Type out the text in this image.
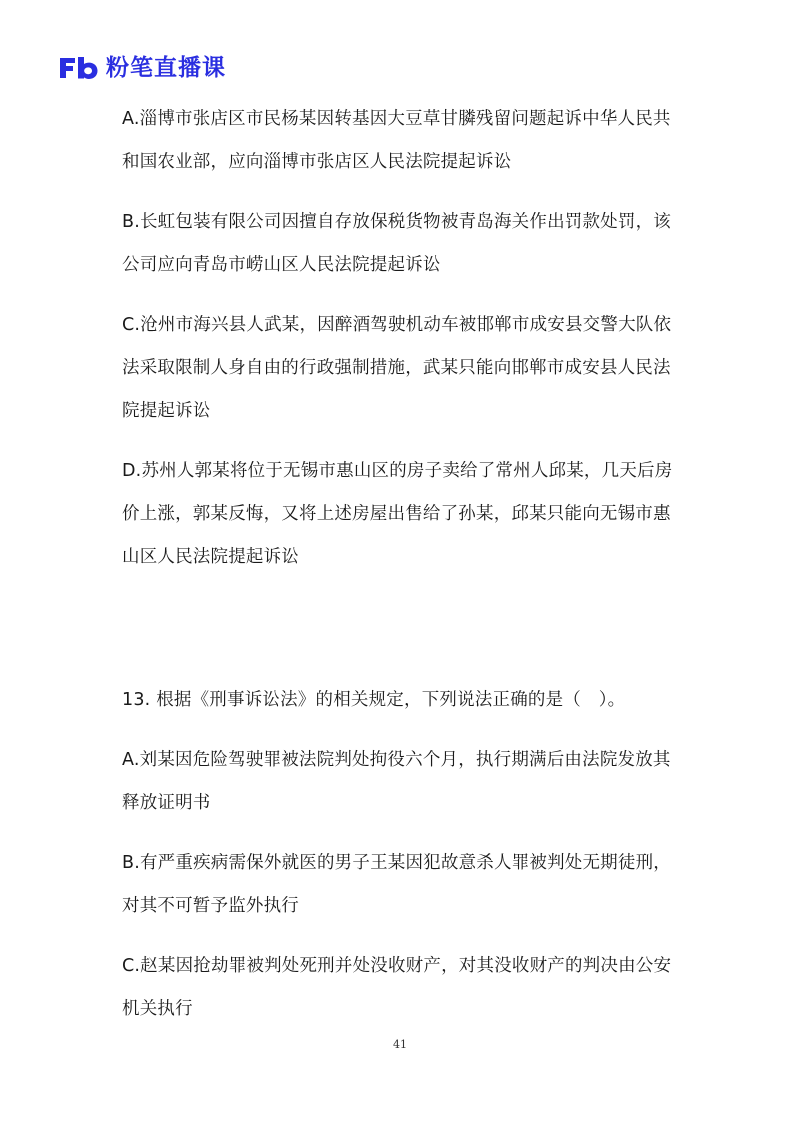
粉笔直播课

A.淄博市张店区市民杨某因转基因大豆草甘膦残留问题起诉中华人民共和国农业部，应向淄博市张店区人民法院提起诉讼

B.长虹包装有限公司因擅自存放保税货物被青岛海关作出罚款处罚，该公司应向青岛市崂山区人民法院提起诉讼

C.沧州市海兴县人武某，因醉酒驾驶机动车被邯郸市成安县交警大队依法采取限制人身自由的行政强制措施，武某只能向邯郸市成安县人民法院提起诉讼

D.苏州人郭某将位于无锡市惠山区的房子卖给了常州人邱某，几天后房价上涨，郭某反悔，又将上述房屋出售给了孙某，邱某只能向无锡市惠山区人民法院提起诉讼

13. 根据《刑事诉讼法》的相关规定，下列说法正确的是（　）。

A.刘某因危险驾驶罪被法院判处拘役六个月，执行期满后由法院发放其释放证明书

B.有严重疾病需保外就医的男子王某因犯故意杀人罪被判处无期徒刑，对其不可暂予监外执行

C.赵某因抢劫罪被判处死刑并处没收财产，对其没收财产的判决由公安机关执行

41
